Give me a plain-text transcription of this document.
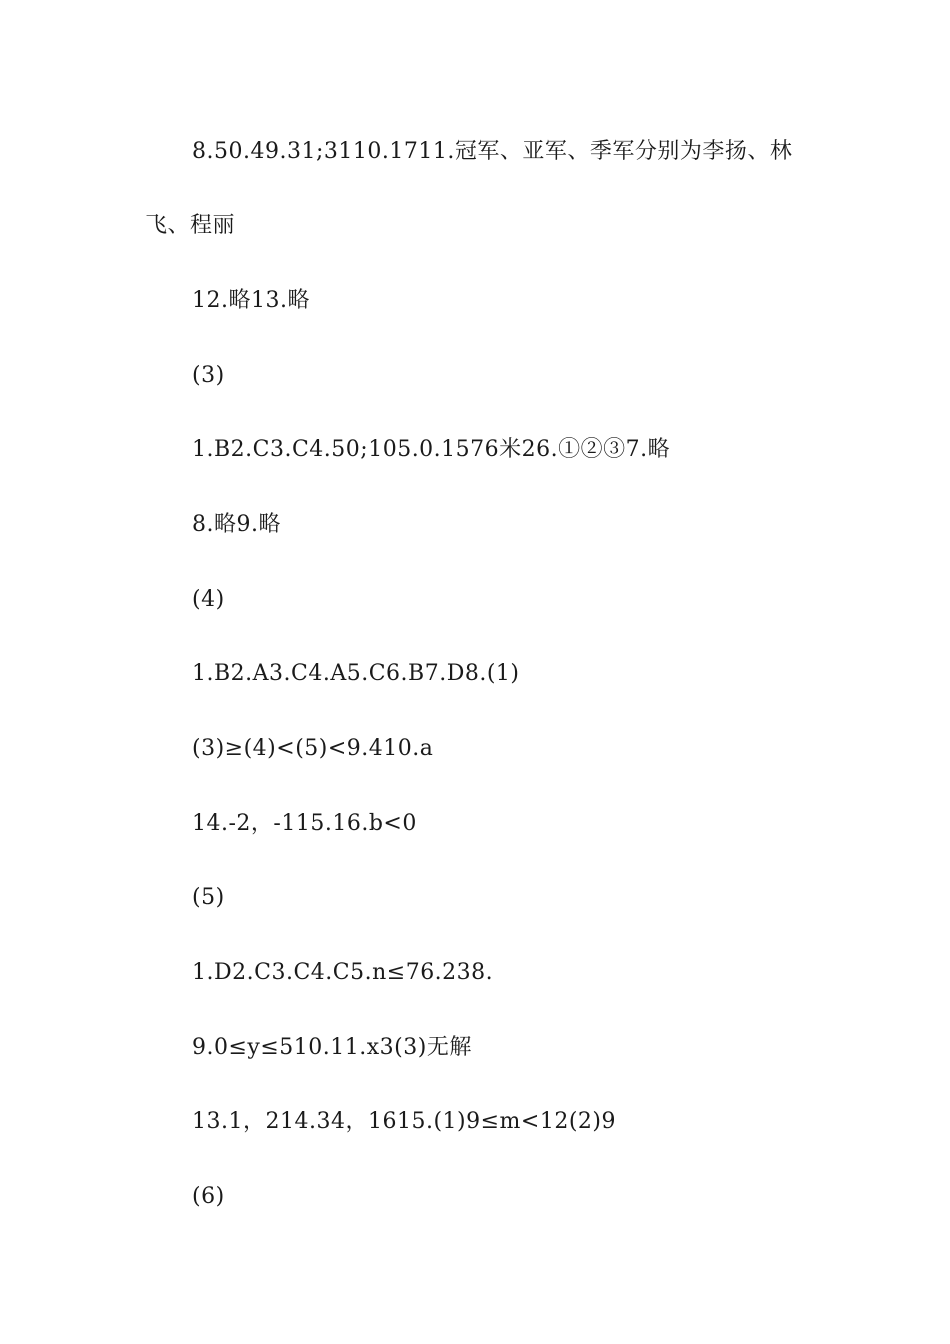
8.50.49.31;3110.1711.冠军、亚军、季军分别为李扬、林
飞、程丽
12.略13.略
(3)
1.B2.C3.C4.50;105.0.1576米26.①②③7.略
8.略9.略
(4)
1.B2.A3.C4.A5.C6.B7.D8.(1)
(3)≥(4)<(5)<9.410.a
14.-2，-115.16.b<0
(5)
1.D2.C3.C4.C5.n≤76.238.
9.0≤y≤510.11.x3(3)无解
13.1，214.34，1615.(1)9≤m<12(2)9
(6)
